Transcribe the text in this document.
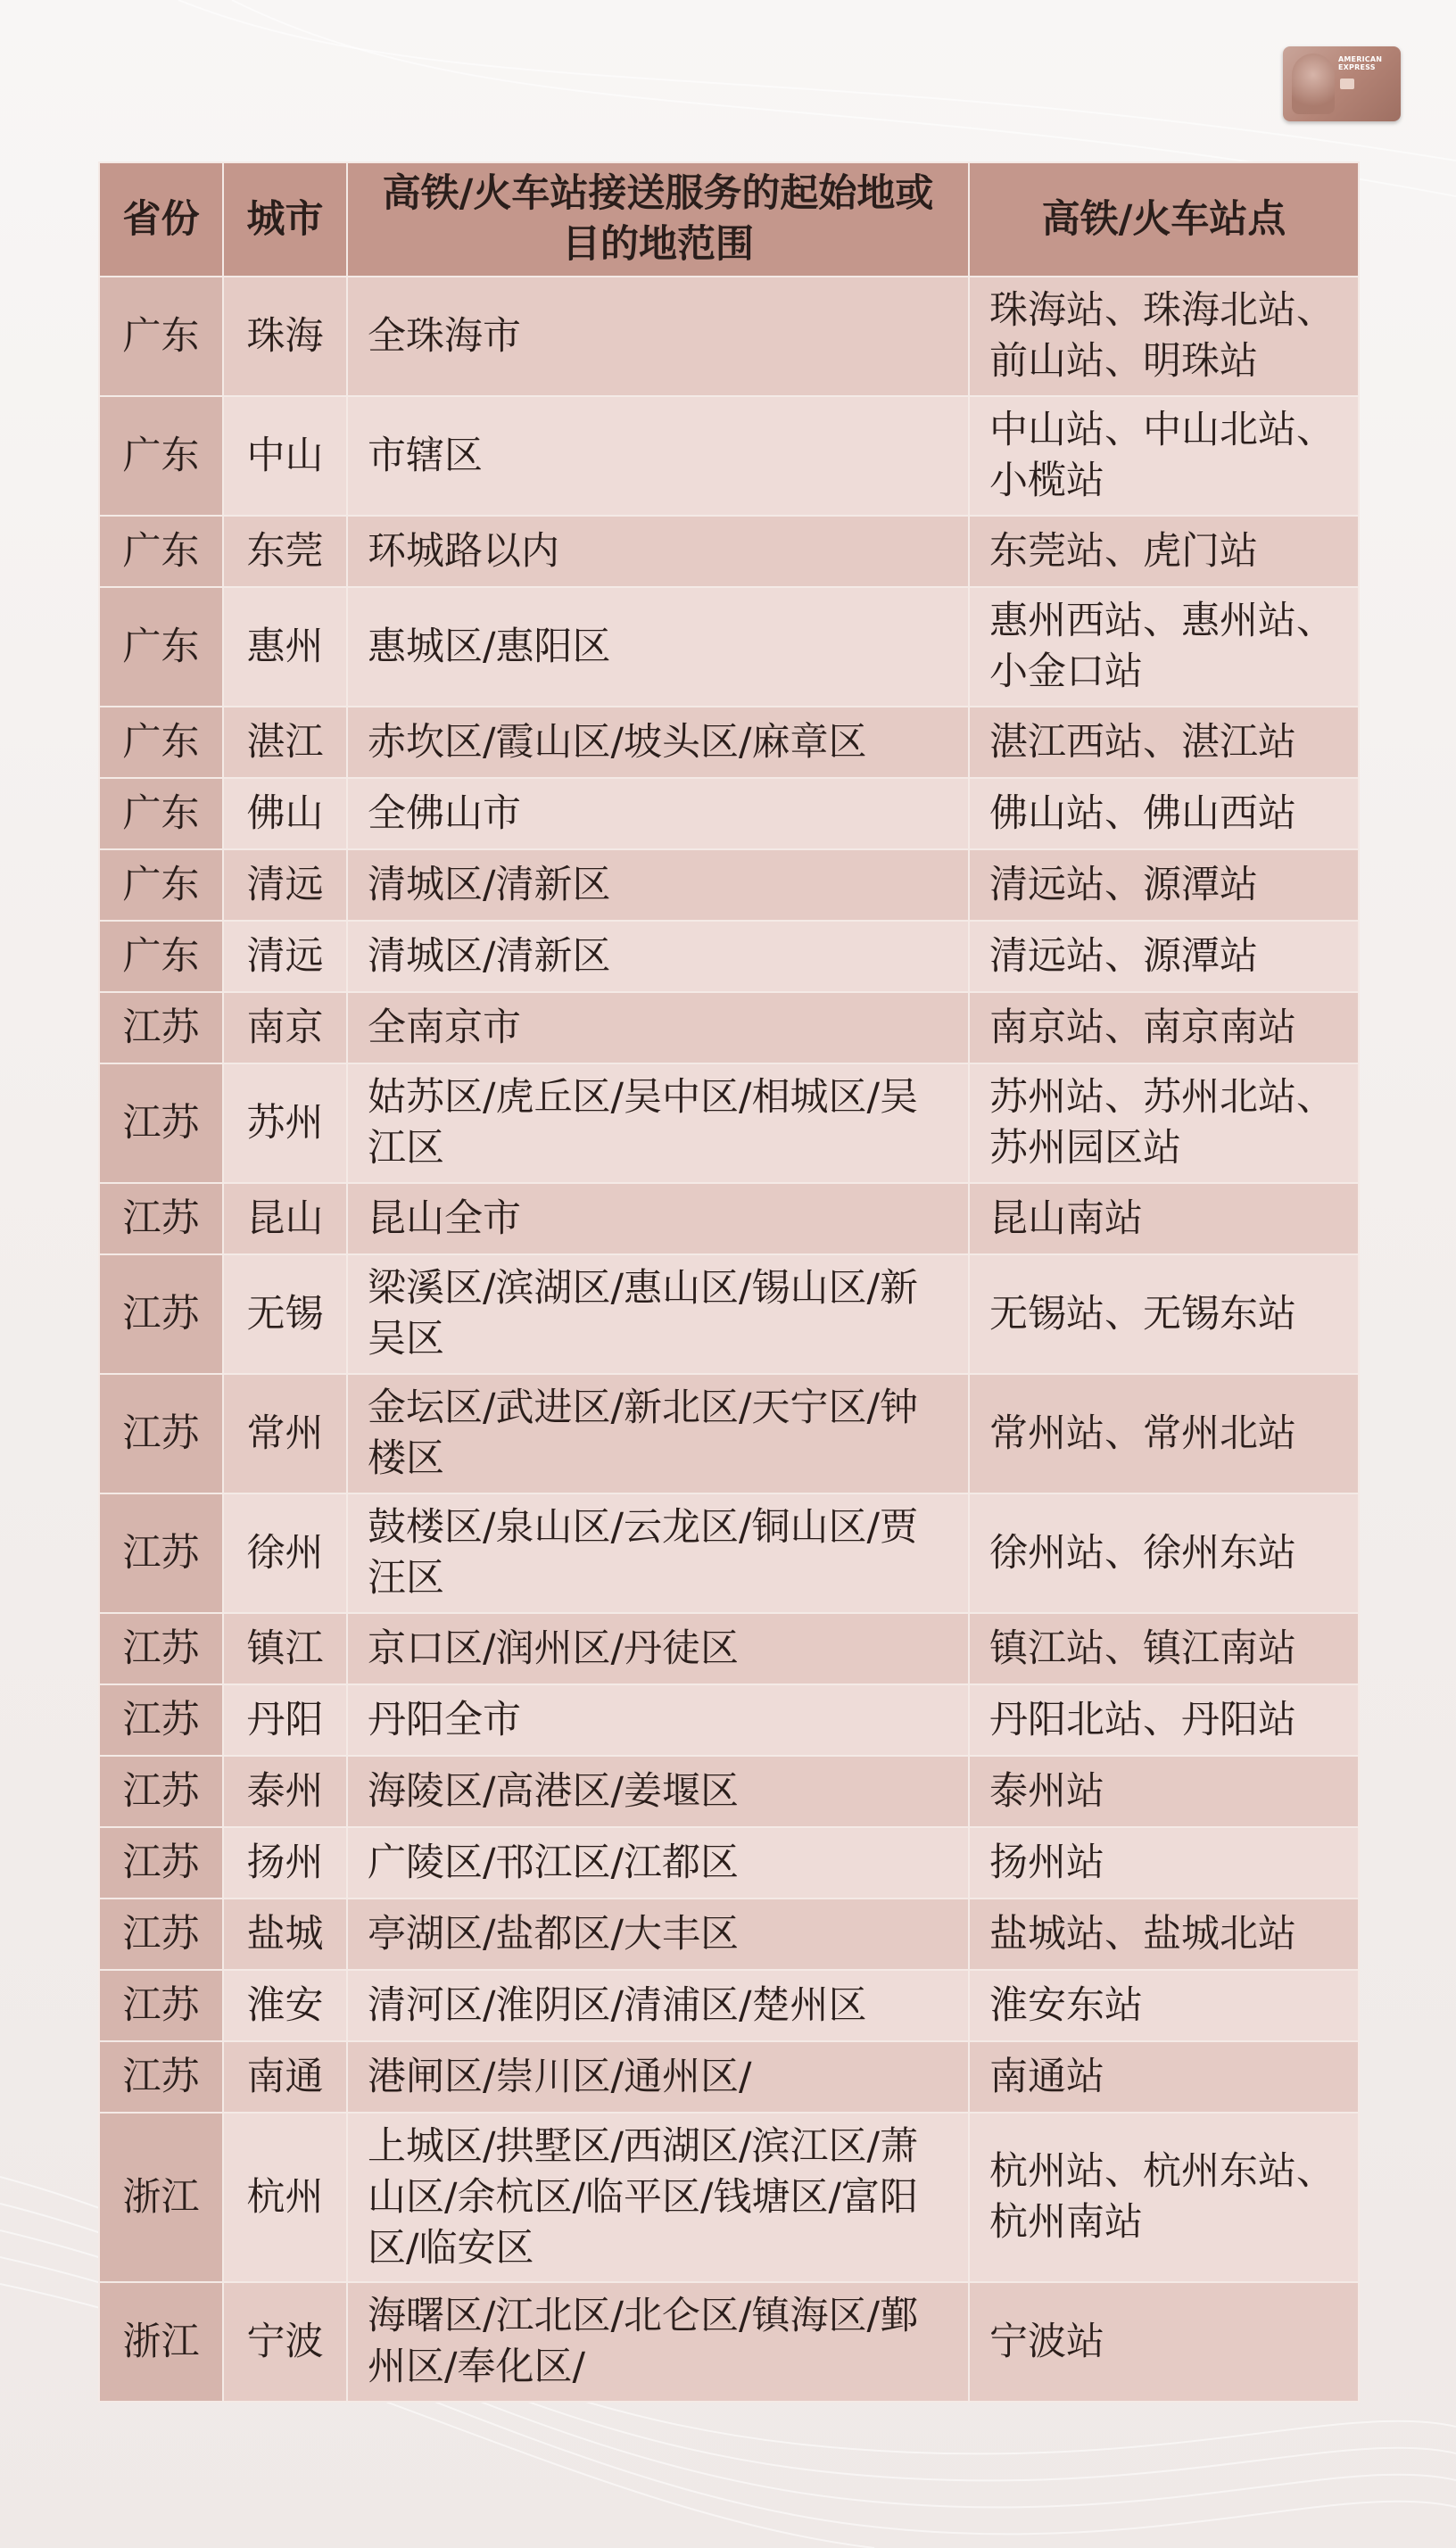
AMERICAN EXPRESS
省份	城市	高铁/火车站接送服务的起始地或目的地范围	高铁/火车站点
广东	珠海	全珠海市	珠海站、珠海北站、前山站、明珠站
广东	中山	市辖区	中山站、中山北站、小榄站
广东	东莞	环城路以内	东莞站、虎门站
广东	惠州	惠城区/惠阳区	惠州西站、惠州站、小金口站
广东	湛江	赤坎区/霞山区/坡头区/麻章区	湛江西站、湛江站
广东	佛山	全佛山市	佛山站、佛山西站
广东	清远	清城区/清新区	清远站、源潭站
广东	清远	清城区/清新区	清远站、源潭站
江苏	南京	全南京市	南京站、南京南站
江苏	苏州	姑苏区/虎丘区/吴中区/相城区/吴江区	苏州站、苏州北站、苏州园区站
江苏	昆山	昆山全市	昆山南站
江苏	无锡	梁溪区/滨湖区/惠山区/锡山区/新吴区	无锡站、无锡东站
江苏	常州	金坛区/武进区/新北区/天宁区/钟楼区	常州站、常州北站
江苏	徐州	鼓楼区/泉山区/云龙区/铜山区/贾汪区	徐州站、徐州东站
江苏	镇江	京口区/润州区/丹徒区	镇江站、镇江南站
江苏	丹阳	丹阳全市	丹阳北站、丹阳站
江苏	泰州	海陵区/高港区/姜堰区	泰州站
江苏	扬州	广陵区/邗江区/江都区	扬州站
江苏	盐城	亭湖区/盐都区/大丰区	盐城站、盐城北站
江苏	淮安	清河区/淮阴区/清浦区/楚州区	淮安东站
江苏	南通	港闸区/崇川区/通州区/	南通站
浙江	杭州	上城区/拱墅区/西湖区/滨江区/萧山区/余杭区/临平区/钱塘区/富阳区/临安区	杭州站、杭州东站、杭州南站
浙江	宁波	海曙区/江北区/北仑区/镇海区/鄞州区/奉化区/	宁波站
